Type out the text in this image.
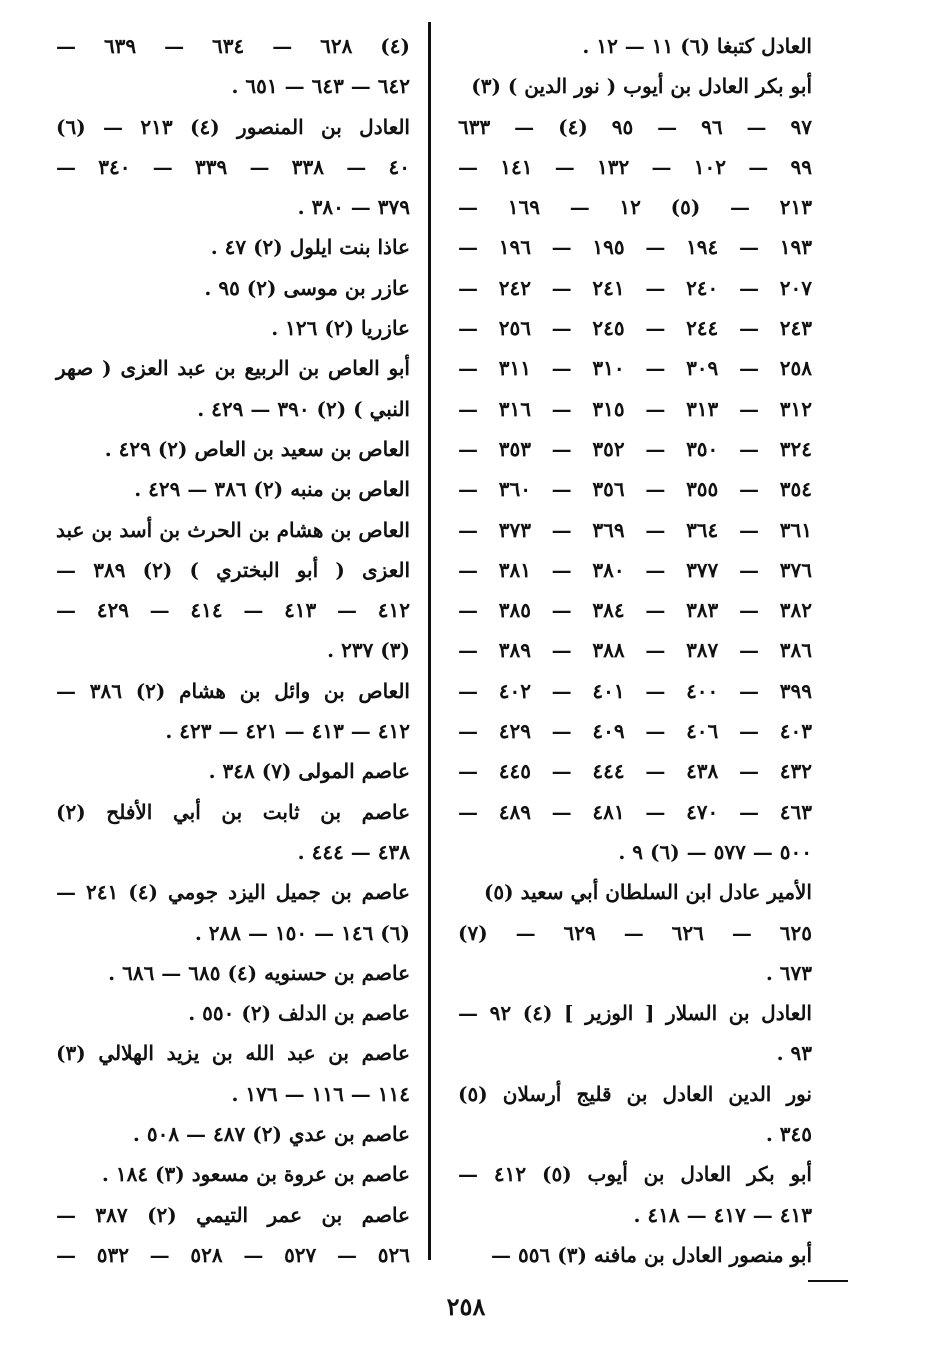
العادل كتبغا (٦) ١١ — ١٢ .
أبو بكر العادل بن أيوب ( نور الدين ) (٣)
٩٧ — ٩٦ — ٩٥ (٤) — ٦٣٣
٩٩ — ١٠٢ — ١٣٢ — ١٤١ —
٢١٣ — (٥) ١٢ — ١٦٩ —
١٩٣ — ١٩٤ — ١٩٥ — ١٩٦ —
٢٠٧ — ٢٤٠ — ٢٤١ — ٢٤٢ —
٢٤٣ — ٢٤٤ — ٢٤٥ — ٢٥٦ —
٢٥٨ — ٣٠٩ — ٣١٠ — ٣١١ —
٣١٢ — ٣١٣ — ٣١٥ — ٣١٦ —
٣٢٤ — ٣٥٠ — ٣٥٢ — ٣٥٣ —
٣٥٤ — ٣٥٥ — ٣٥٦ — ٣٦٠ —
٣٦١ — ٣٦٤ — ٣٦٩ — ٣٧٣ —
٣٧٦ — ٣٧٧ — ٣٨٠ — ٣٨١ —
٣٨٢ — ٣٨٣ — ٣٨٤ — ٣٨٥ —
٣٨٦ — ٣٨٧ — ٣٨٨ — ٣٨٩ —
٣٩٩ — ٤٠٠ — ٤٠١ — ٤٠٢ —
٤٠٣ — ٤٠٦ — ٤٠٩ — ٤٢٩ —
٤٣٢ — ٤٣٨ — ٤٤٤ — ٤٤٥ —
٤٦٣ — ٤٧٠ — ٤٨١ — ٤٨٩ —
٥٠٠ — ٥٧٧ — (٦) ٩ .
الأمير عادل ابن السلطان أبي سعيد (٥)
٦٢٥ — ٦٢٦ — ٦٢٩ — (٧)
٦٧٣ .
العادل بن السلار [ الوزير ] (٤) ٩٢ —
٩٣ .
نور الدين العادل بن قليج أرسلان (٥)
٣٤٥ .
أبو بكر العادل بن أيوب (٥) ٤١٢ —
٤١٣ — ٤١٧ — ٤١٨ .
أبو منصور العادل بن مافنه (٣) ٥٥٦ —
(٤) ٦٢٨ — ٦٣٤ — ٦٣٩ —
٦٤٢ — ٦٤٣ — ٦٥١ .
العادل بن المنصور (٤) ٢١٣ — (٦)
٤٠ — ٣٣٨ — ٣٣٩ — ٣٤٠ —
٣٧٩ — ٣٨٠ .
عاذا بنت ايلول (٢) ٤٧ .
عازر بن موسى (٢) ٩٥ .
عازريا (٢) ١٢٦ .
أبو العاص بن الربيع بن عبد العزى ( صهر
النبي ) (٢) ٣٩٠ — ٤٢٩ .
العاص بن سعيد بن العاص (٢) ٤٢٩ .
العاص بن منبه (٢) ٣٨٦ — ٤٢٩ .
العاص بن هشام بن الحرث بن أسد بن عبد
العزى ( أبو البختري ) (٢) ٣٨٩ —
٤١٢ — ٤١٣ — ٤١٤ — ٤٢٩ —
(٣) ٢٣٧ .
العاص بن وائل بن هشام (٢) ٣٨٦ —
٤١٢ — ٤١٣ — ٤٢١ — ٤٢٣ .
عاصم المولى (٧) ٣٤٨ .
عاصم بن ثابت بن أبي الأفلح (٢)
٤٣٨ — ٤٤٤ .
عاصم بن جميل اليزد جومي (٤) ٢٤١ —
(٦) ١٤٦ — ١٥٠ — ٢٨٨ .
عاصم بن حسنويه (٤) ٦٨٥ — ٦٨٦ .
عاصم بن الدلف (٢) ٥٥٠ .
عاصم بن عبد الله بن يزيد الهلالي (٣)
١١٤ — ١١٦ — ١٧٦ .
عاصم بن عدي (٢) ٤٨٧ — ٥٠٨ .
عاصم بن عروة بن مسعود (٣) ١٨٤ .
عاصم بن عمر التيمي (٢) ٣٨٧ —
٥٢٦ — ٥٢٧ — ٥٢٨ — ٥٣٢ —
٢٥٨
